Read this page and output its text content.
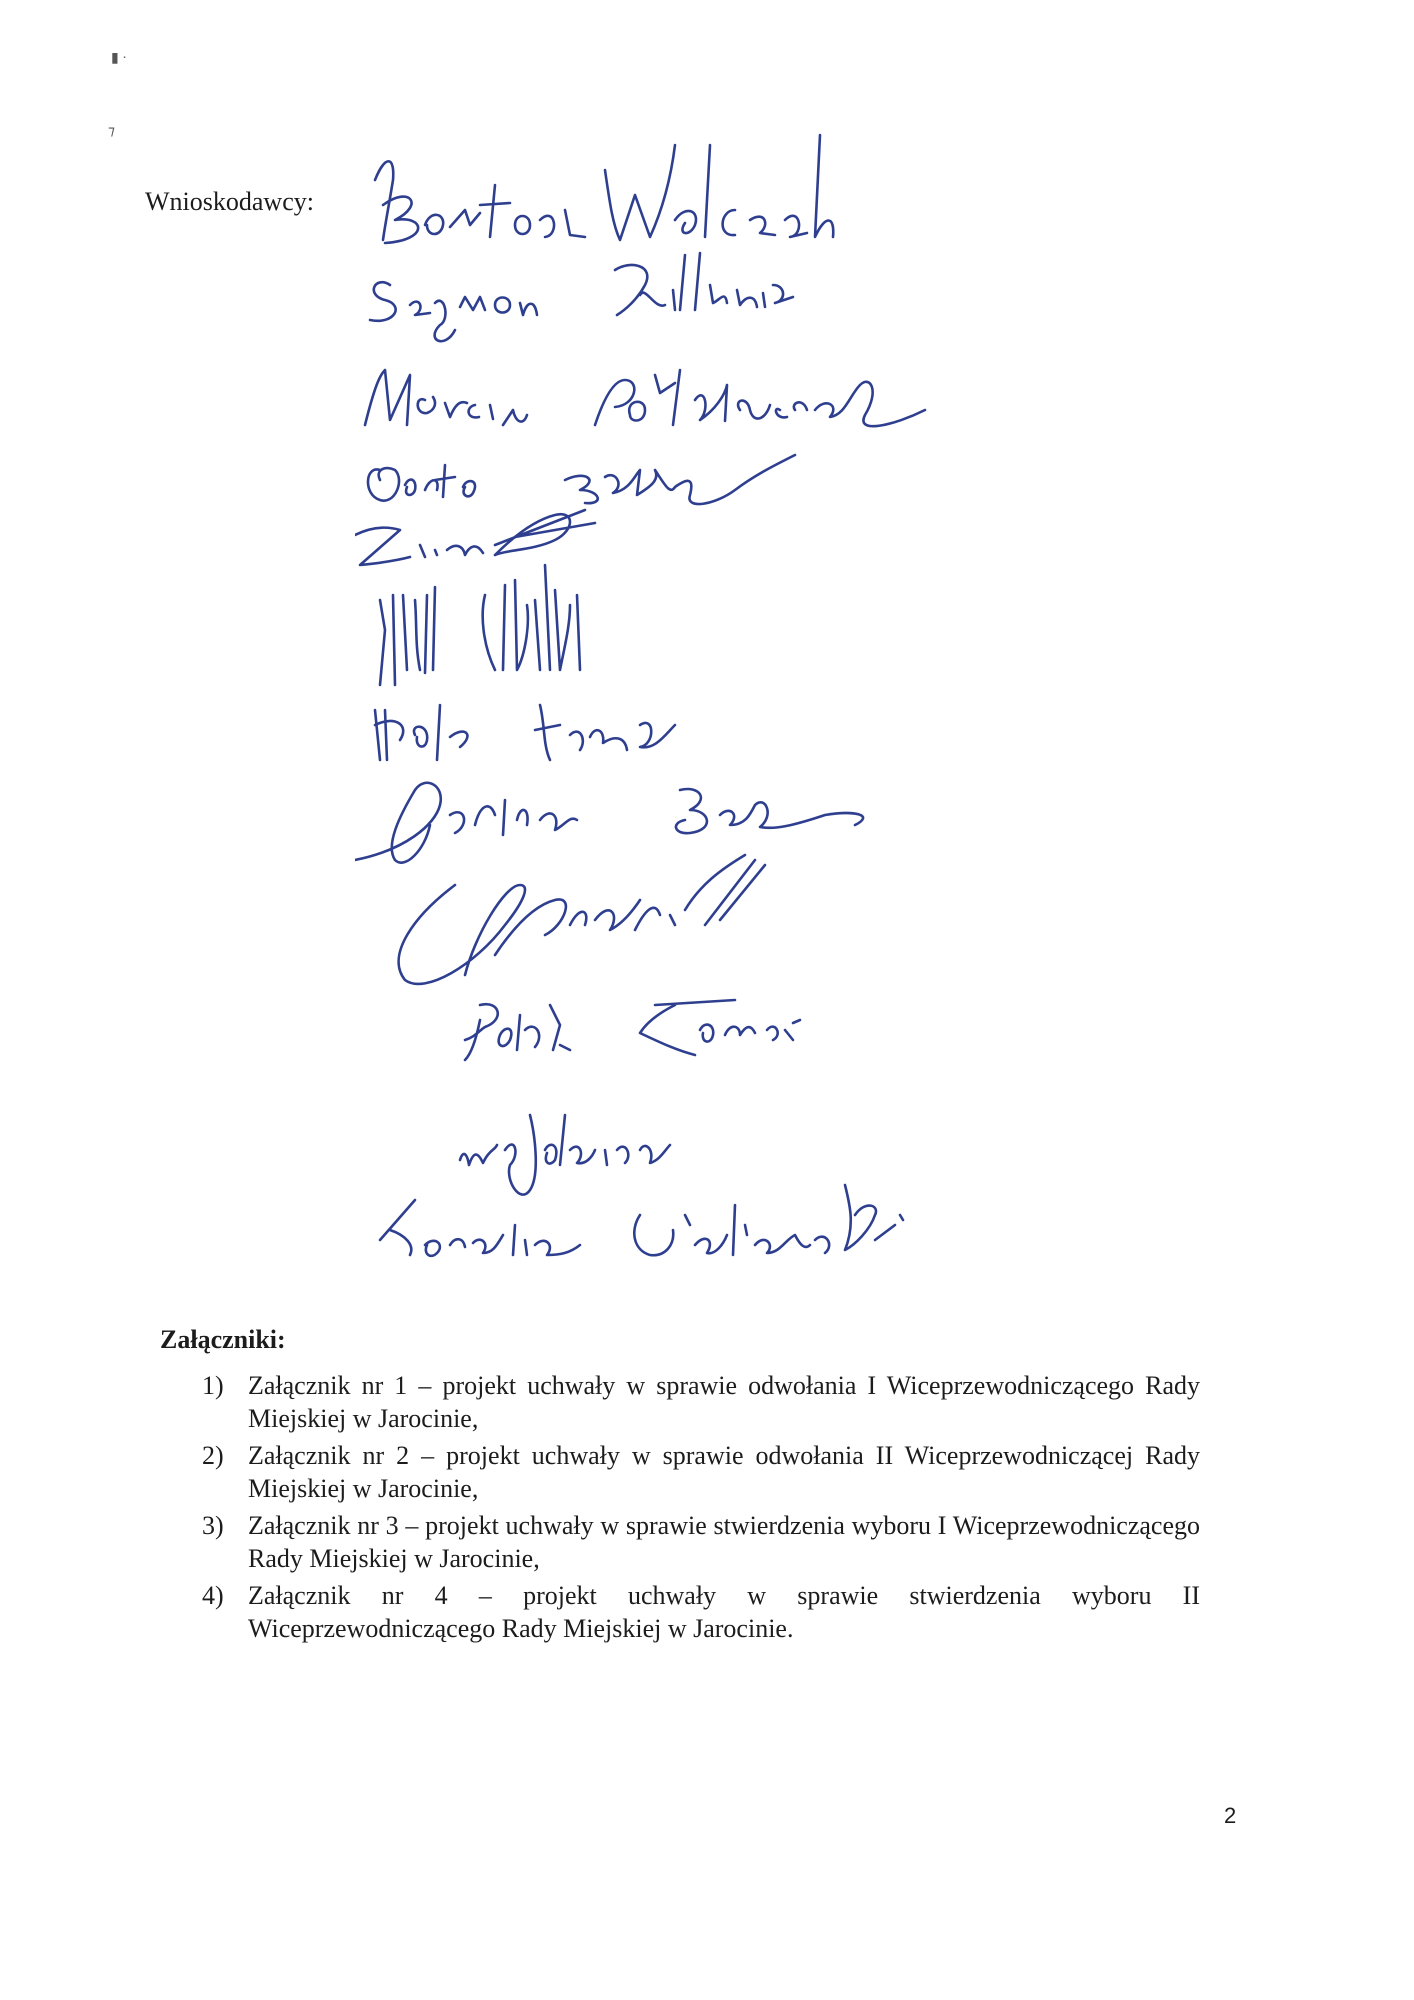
▮ ·
⁊
Wnioskodawcy:
Załączniki:
1) Załącznik nr 1 – projekt uchwały w sprawie odwołania I Wiceprzewodniczącego Rady Miejskiej w Jarocinie,
2) Załącznik nr 2 – projekt uchwały w sprawie odwołania II Wiceprzewodniczącej Rady Miejskiej w Jarocinie,
3) Załącznik nr 3 – projekt uchwały w sprawie stwierdzenia wyboru I Wiceprzewodniczącego Rady Miejskiej w Jarocinie,
4) Załącznik nr 4 – projekt uchwały w sprawie stwierdzenia wyboru II Wiceprzewodniczącego Rady Miejskiej w Jarocinie.
2
